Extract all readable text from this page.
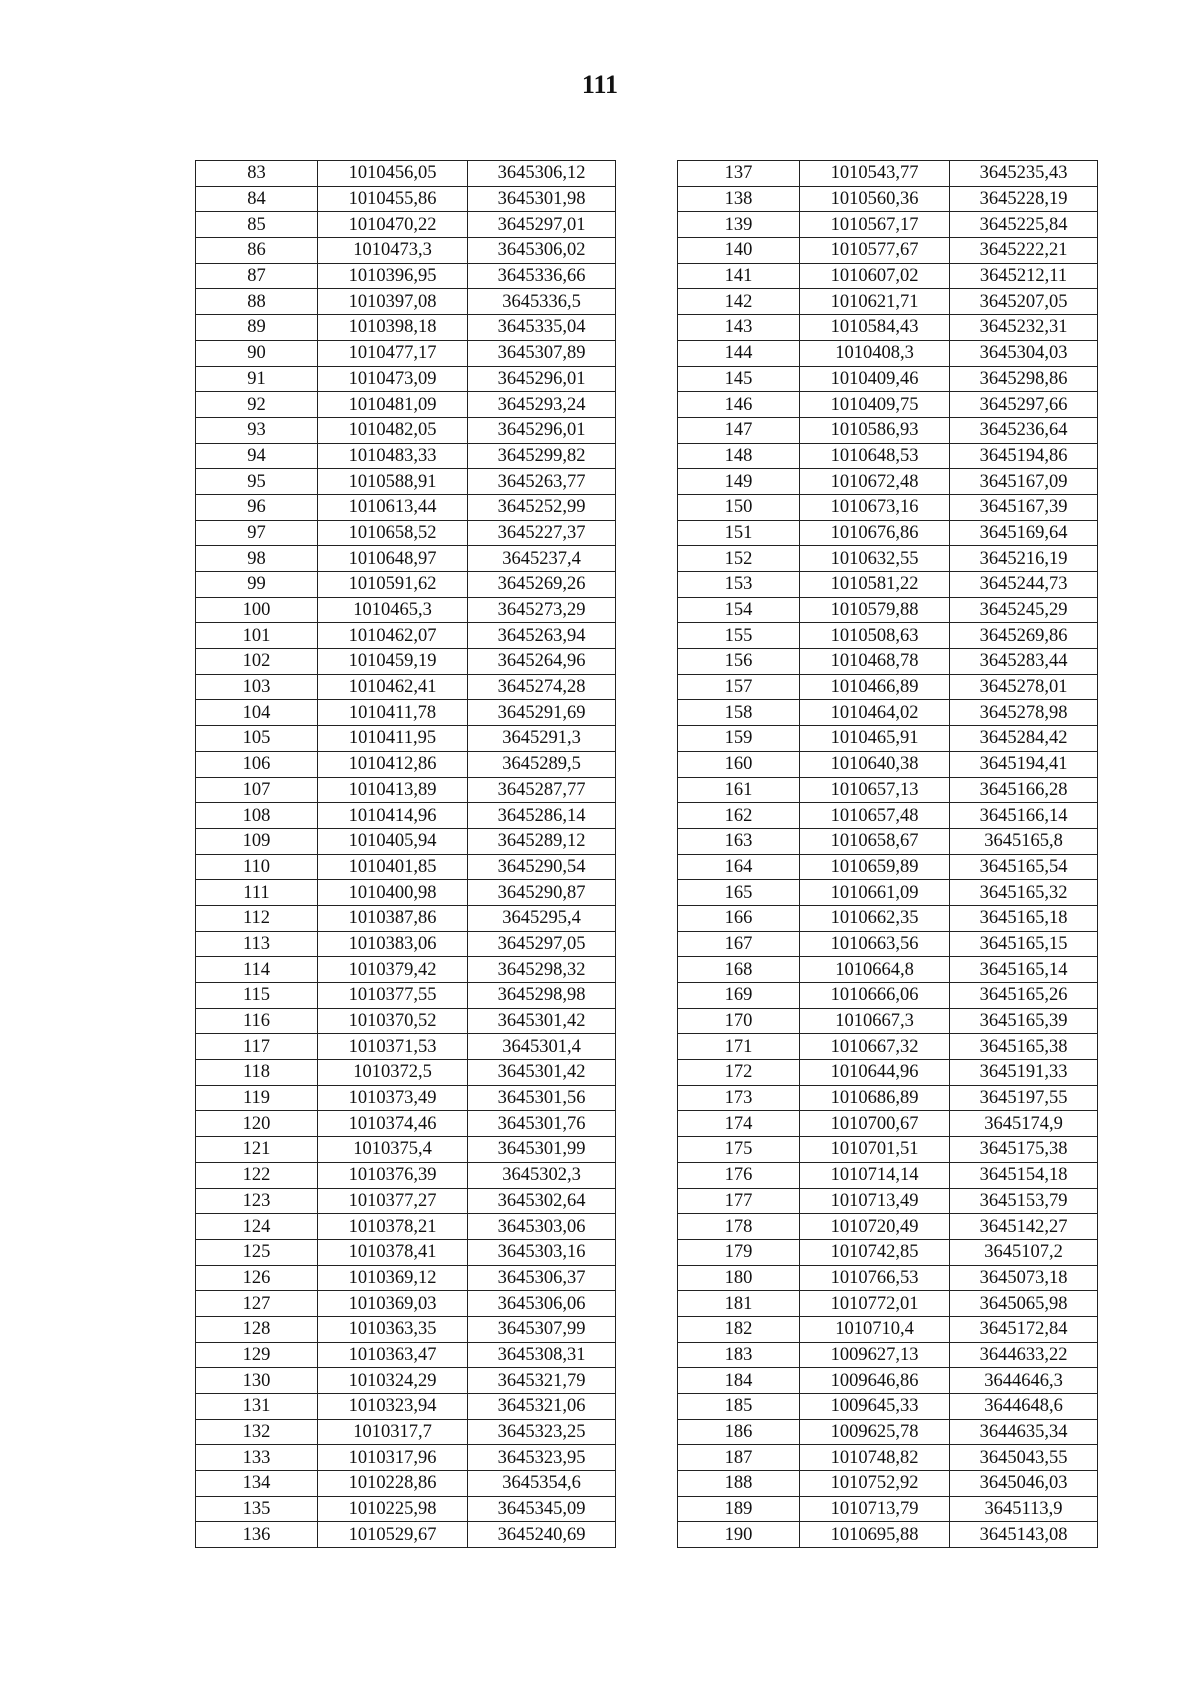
111
83	1010456,05	3645306,12
84	1010455,86	3645301,98
85	1010470,22	3645297,01
86	1010473,3	3645306,02
87	1010396,95	3645336,66
88	1010397,08	3645336,5
89	1010398,18	3645335,04
90	1010477,17	3645307,89
91	1010473,09	3645296,01
92	1010481,09	3645293,24
93	1010482,05	3645296,01
94	1010483,33	3645299,82
95	1010588,91	3645263,77
96	1010613,44	3645252,99
97	1010658,52	3645227,37
98	1010648,97	3645237,4
99	1010591,62	3645269,26
100	1010465,3	3645273,29
101	1010462,07	3645263,94
102	1010459,19	3645264,96
103	1010462,41	3645274,28
104	1010411,78	3645291,69
105	1010411,95	3645291,3
106	1010412,86	3645289,5
107	1010413,89	3645287,77
108	1010414,96	3645286,14
109	1010405,94	3645289,12
110	1010401,85	3645290,54
111	1010400,98	3645290,87
112	1010387,86	3645295,4
113	1010383,06	3645297,05
114	1010379,42	3645298,32
115	1010377,55	3645298,98
116	1010370,52	3645301,42
117	1010371,53	3645301,4
118	1010372,5	3645301,42
119	1010373,49	3645301,56
120	1010374,46	3645301,76
121	1010375,4	3645301,99
122	1010376,39	3645302,3
123	1010377,27	3645302,64
124	1010378,21	3645303,06
125	1010378,41	3645303,16
126	1010369,12	3645306,37
127	1010369,03	3645306,06
128	1010363,35	3645307,99
129	1010363,47	3645308,31
130	1010324,29	3645321,79
131	1010323,94	3645321,06
132	1010317,7	3645323,25
133	1010317,96	3645323,95
134	1010228,86	3645354,6
135	1010225,98	3645345,09
136	1010529,67	3645240,69
137	1010543,77	3645235,43
138	1010560,36	3645228,19
139	1010567,17	3645225,84
140	1010577,67	3645222,21
141	1010607,02	3645212,11
142	1010621,71	3645207,05
143	1010584,43	3645232,31
144	1010408,3	3645304,03
145	1010409,46	3645298,86
146	1010409,75	3645297,66
147	1010586,93	3645236,64
148	1010648,53	3645194,86
149	1010672,48	3645167,09
150	1010673,16	3645167,39
151	1010676,86	3645169,64
152	1010632,55	3645216,19
153	1010581,22	3645244,73
154	1010579,88	3645245,29
155	1010508,63	3645269,86
156	1010468,78	3645283,44
157	1010466,89	3645278,01
158	1010464,02	3645278,98
159	1010465,91	3645284,42
160	1010640,38	3645194,41
161	1010657,13	3645166,28
162	1010657,48	3645166,14
163	1010658,67	3645165,8
164	1010659,89	3645165,54
165	1010661,09	3645165,32
166	1010662,35	3645165,18
167	1010663,56	3645165,15
168	1010664,8	3645165,14
169	1010666,06	3645165,26
170	1010667,3	3645165,39
171	1010667,32	3645165,38
172	1010644,96	3645191,33
173	1010686,89	3645197,55
174	1010700,67	3645174,9
175	1010701,51	3645175,38
176	1010714,14	3645154,18
177	1010713,49	3645153,79
178	1010720,49	3645142,27
179	1010742,85	3645107,2
180	1010766,53	3645073,18
181	1010772,01	3645065,98
182	1010710,4	3645172,84
183	1009627,13	3644633,22
184	1009646,86	3644646,3
185	1009645,33	3644648,6
186	1009625,78	3644635,34
187	1010748,82	3645043,55
188	1010752,92	3645046,03
189	1010713,79	3645113,9
190	1010695,88	3645143,08
